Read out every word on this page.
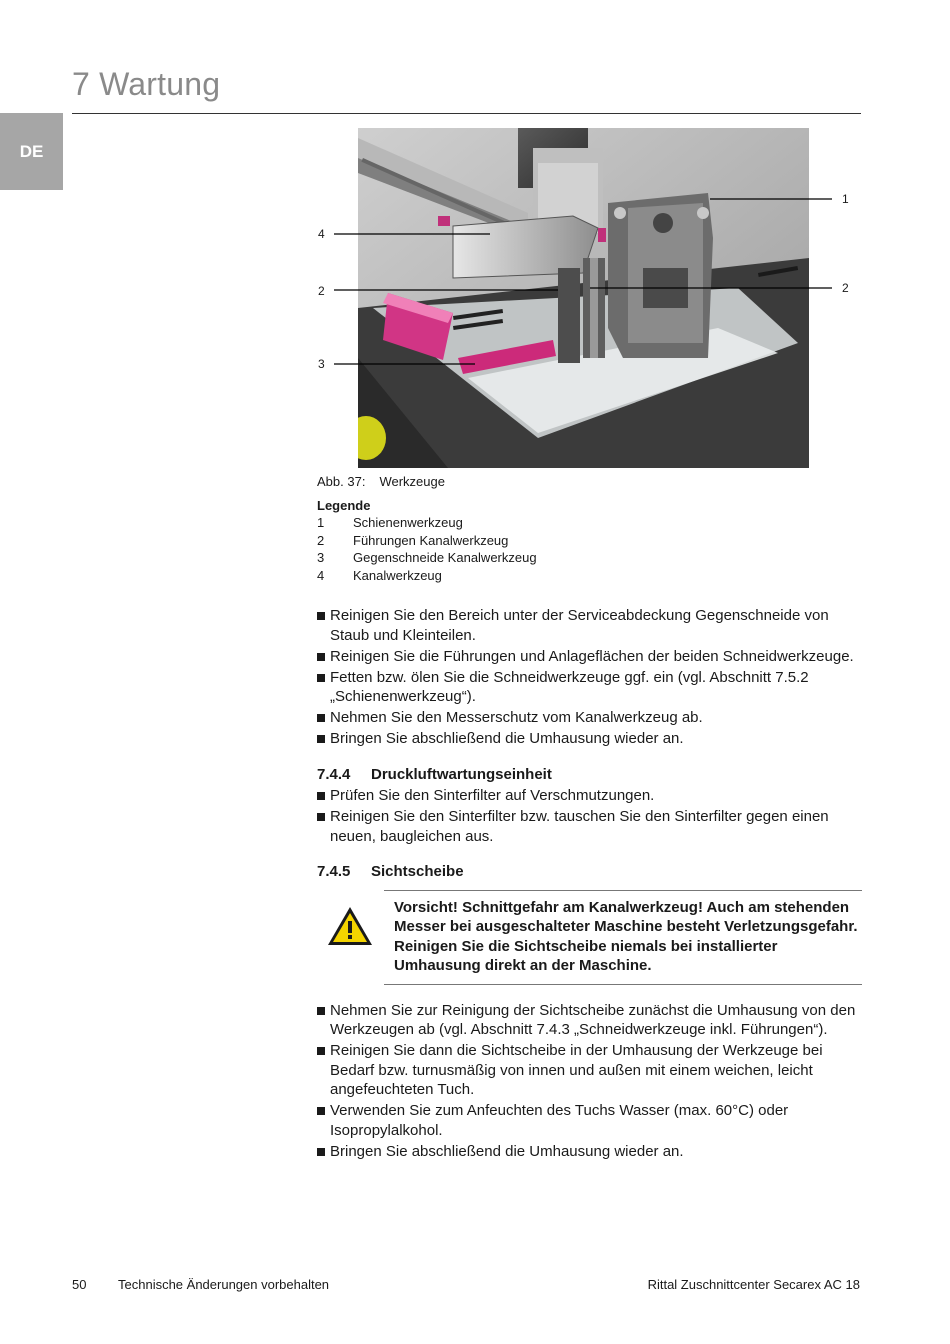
7 Wartung
DE
1
2
2
3
4
Abb. 37: Werkzeuge
Legende
1	Schienenwerkzeug
2	Führungen Kanalwerkzeug
3	Gegenschneide Kanalwerkzeug
4	Kanalwerkzeug
Reinigen Sie den Bereich unter der Serviceabdeckung Gegenschneide von Staub und Kleinteilen.
Reinigen Sie die Führungen und Anlageflächen der beiden Schneidwerkzeuge.
Fetten bzw. ölen Sie die Schneidwerkzeuge ggf. ein (vgl. Abschnitt 7.5.2 „Schienenwerkzeug“).
Nehmen Sie den Messerschutz vom Kanalwerkzeug ab.
Bringen Sie abschließend die Umhausung wieder an.
7.4.4	Druckluftwartungseinheit
Prüfen Sie den Sinterfilter auf Verschmutzungen.
Reinigen Sie den Sinterfilter bzw. tauschen Sie den Sinterfilter gegen einen neuen, baugleichen aus.
7.4.5	Sichtscheibe
Vorsicht! Schnittgefahr am Kanalwerkzeug! Auch am stehenden Messer bei ausgeschalteter Maschine besteht Verletzungsgefahr. Reinigen Sie die Sichtscheibe niemals bei installierter Umhausung direkt an der Maschine.
Nehmen Sie zur Reinigung der Sichtscheibe zunächst die Umhausung von den Werkzeugen ab (vgl. Abschnitt 7.4.3 „Schneidwerkzeuge inkl. Führungen“).
Reinigen Sie dann die Sichtscheibe in der Umhausung der Werkzeuge bei Bedarf bzw. turnusmäßig von innen und außen mit einem weichen, leicht angefeuchteten Tuch.
Verwenden Sie zum Anfeuchten des Tuchs Wasser (max. 60°C) oder Isopropylalkohol.
Bringen Sie abschließend die Umhausung wieder an.
50 Technische Änderungen vorbehalten	Rittal Zuschnittcenter Secarex AC 18
